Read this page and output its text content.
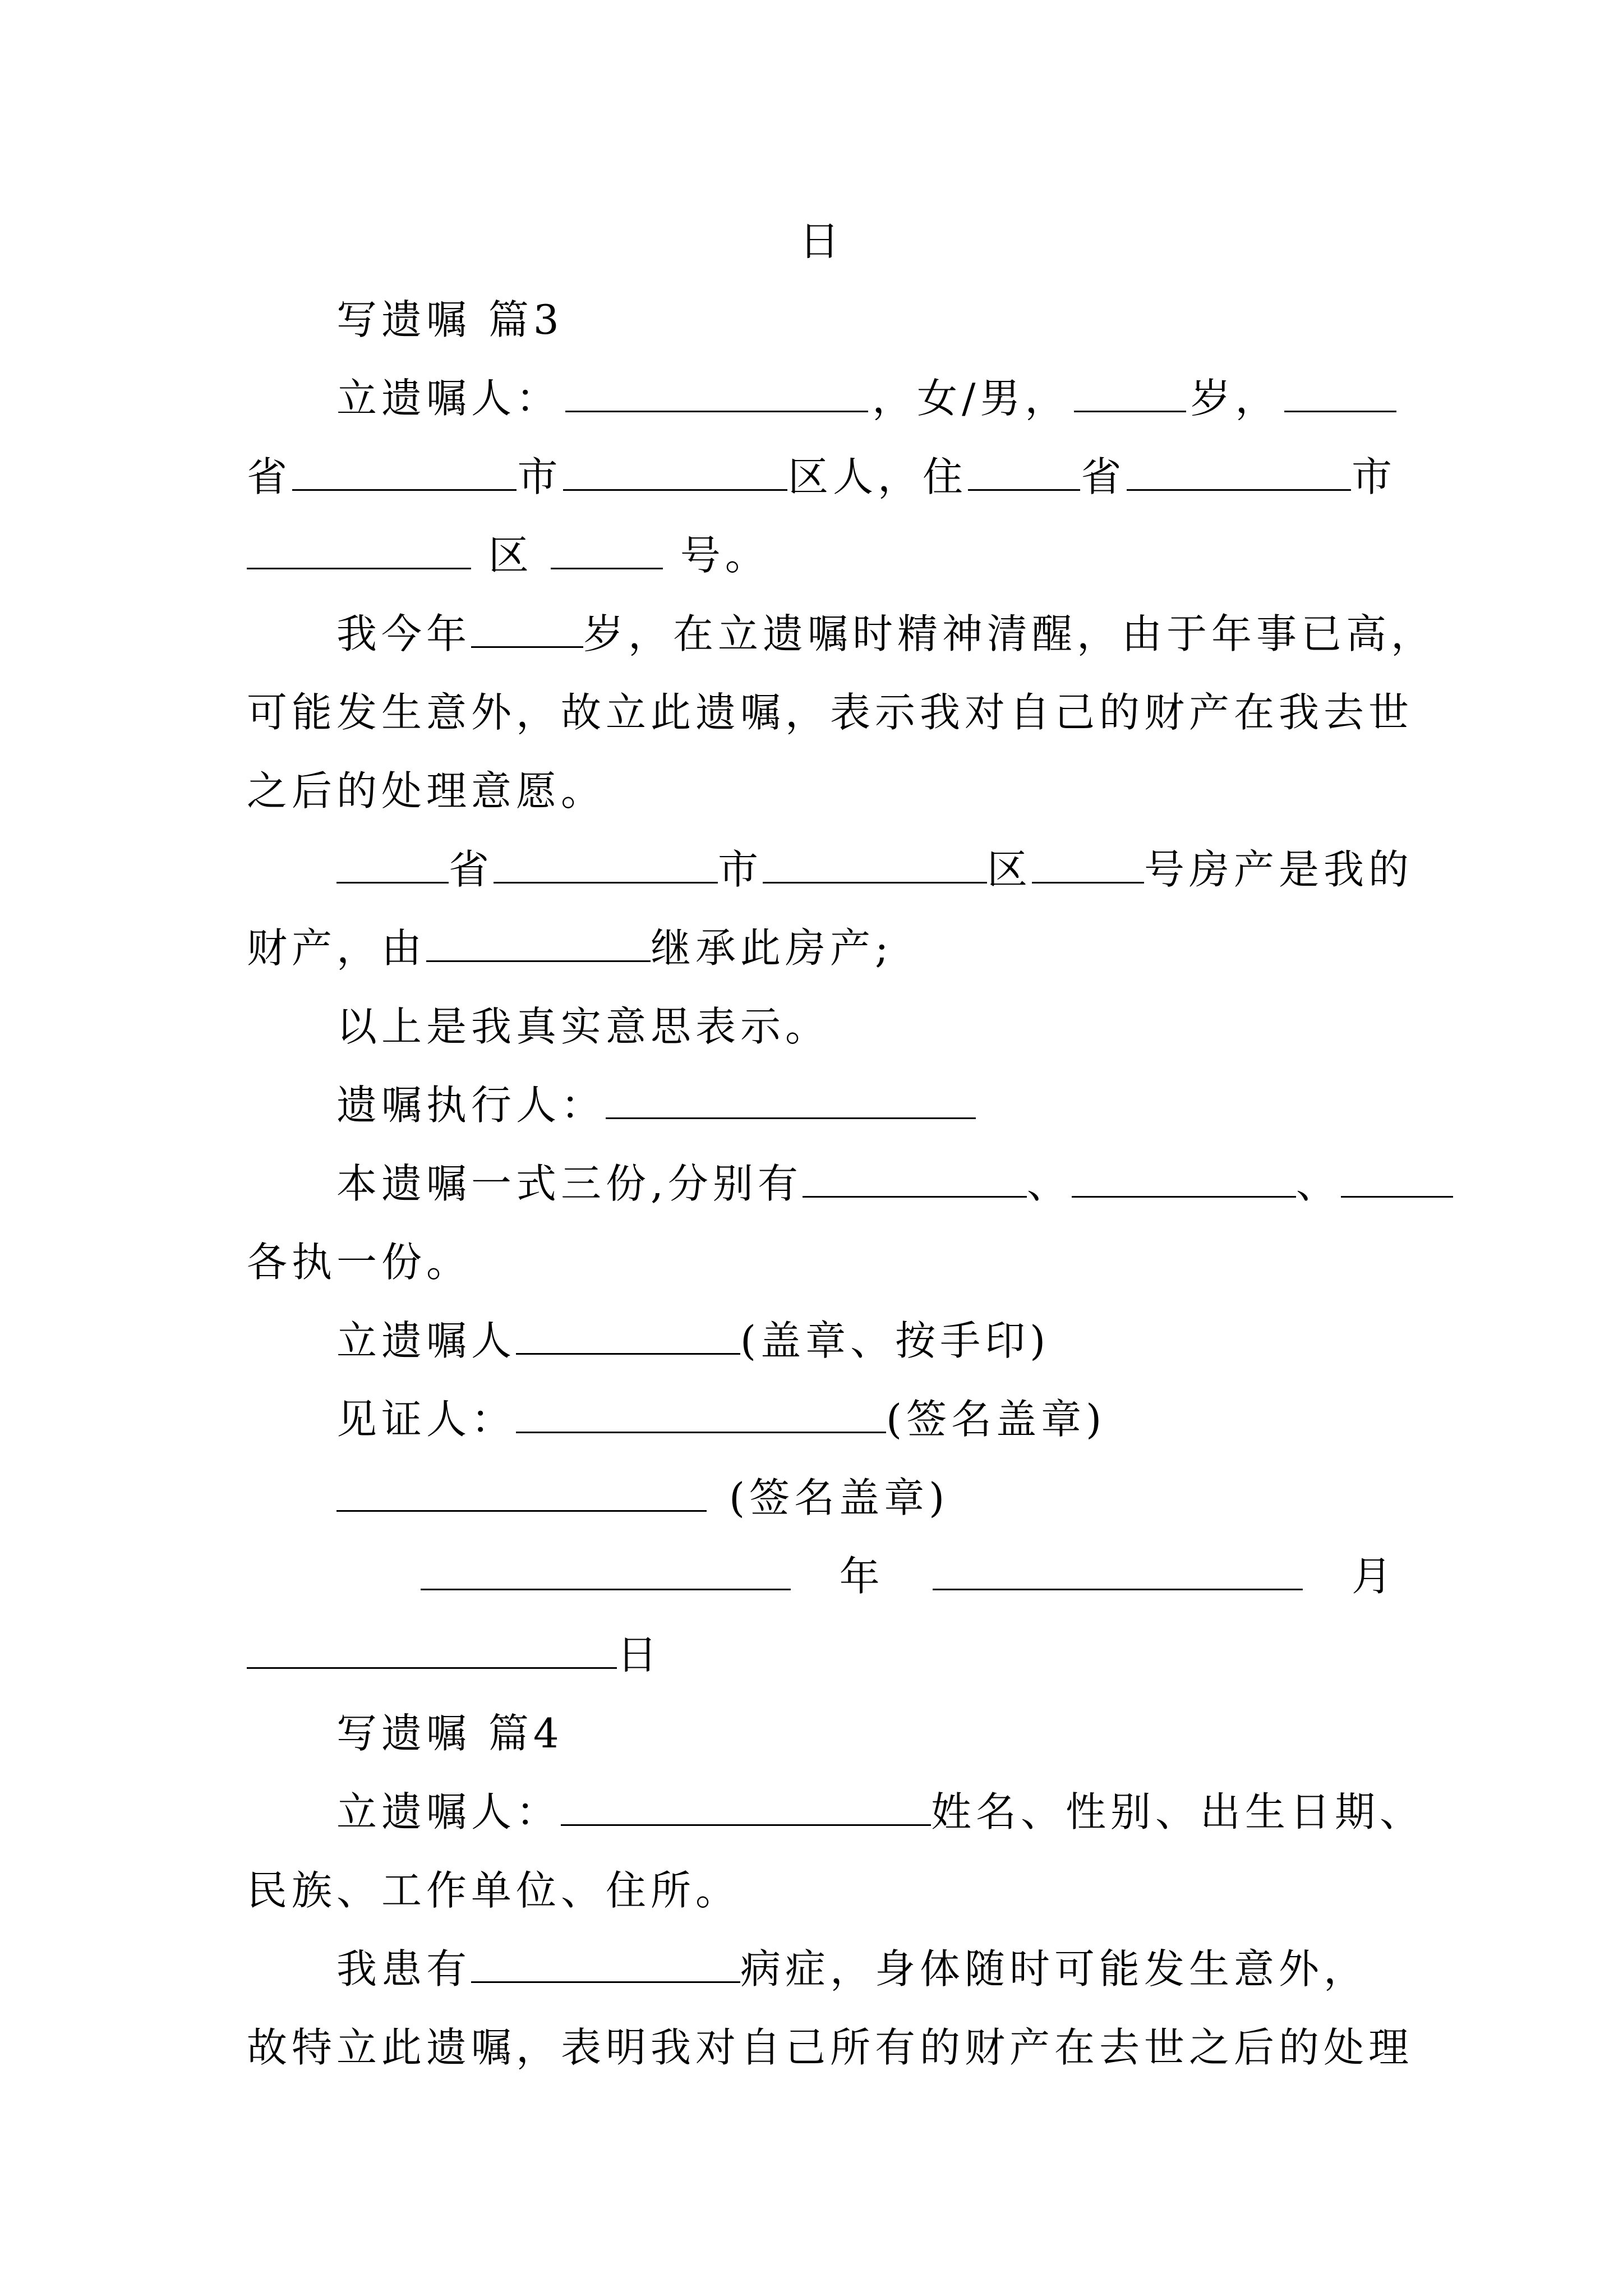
日
写遗嘱 篇3
立遗嘱人：	，女/男，	岁，
省	市	区人，住	省	市
区	号。
我今年	岁，在立遗嘱时精神清醒，由于年事已高，
可能发生意外，故立此遗嘱，表示我对自己的财产在我去世
之后的处理意愿。
省	市	区	号房产是我的
财产，由	继承此房产;
以上是我真实意思表示。
遗嘱执行人：
本遗嘱一式三份,分别有	、	、
各执一份。
立遗嘱人	(盖章、按手印)
见证人：	(签名盖章)
(签名盖章)
年	月
日
写遗嘱 篇4
立遗嘱人：	姓名、性别、出生日期、
民族、工作单位、住所。
我患有	病症，身体随时可能发生意外，
故特立此遗嘱，表明我对自己所有的财产在去世之后的处理
